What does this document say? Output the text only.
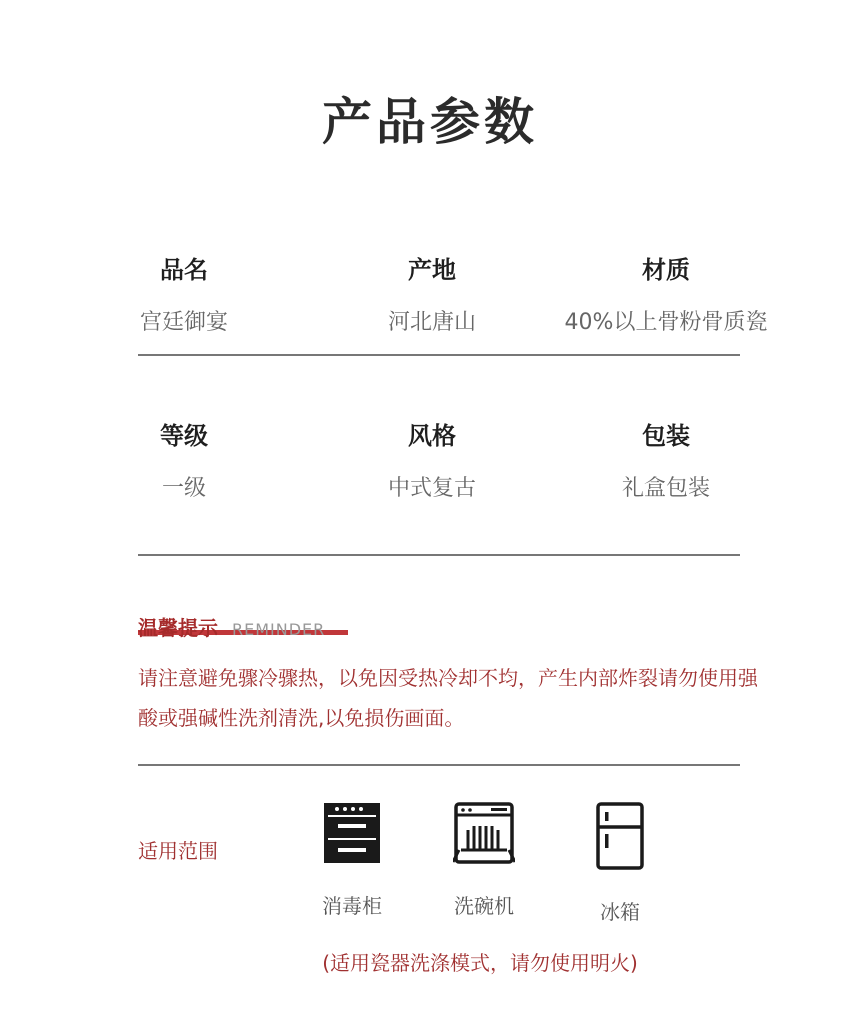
产品参数
品名
宫廷御宴
产地
河北唐山
材质
40%以上骨粉骨质瓷
等级
一级
风格
中式复古
包装
礼盒包装
温馨提示 REMINDER
请注意避免骤冷骤热，以免因受热冷却不均，产生内部炸裂请勿使用强酸或强碱性洗剂清洗,以免损伤画面。
适用范围
消毒柜	洗碗机	冰箱
(适用瓷器洗涤模式，请勿使用明火)
